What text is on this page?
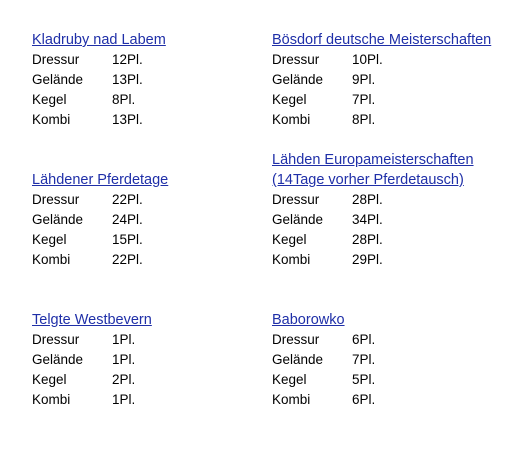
Kladruby nad Labem
Dressur 12Pl.
Gelände 13Pl.
Kegel	8Pl.
Kombi	13Pl.
Bösdorf deutsche Meisterschaften
Dressur 10Pl.
Gelände 9Pl.
Kegel	7Pl.
Kombi	8Pl.
Lähdener Pferdetage
Dressur 22Pl.
Gelände 24Pl.
Kegel	15Pl.
Kombi	22Pl.
Lähden Europameisterschaften
(14Tage vorher Pferdetausch)
Dressur 28Pl.
Gelände 34Pl.
Kegel	28Pl.
Kombi	29Pl.
Telgte Westbevern
Dressur 1Pl.
Gelände 1Pl.
Kegel	2Pl.
Kombi	1Pl.
Baborowko
Dressur 6Pl.
Gelände 7Pl.
Kegel	5Pl.
Kombi	6Pl.
